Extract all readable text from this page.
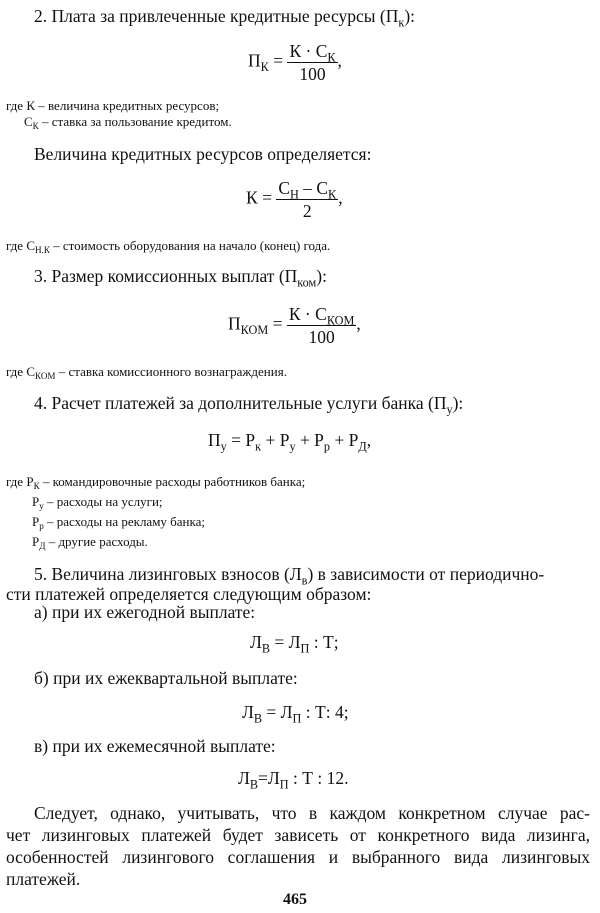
2. Плата за привлеченные кредитные ресурсы $(П_к)$:
$П_К = \frac{К \cdot С_К}{100}$ ,
где К – величина кредитных ресурсов;
$С_К$ – ставка за пользование кредитом.
Величина кредитных ресурсов определяется:
$К = \frac{С_Н - С_К}{2}$ ,
где $С_{Н.К}$ – стоимость оборудования на начало (конец) года.
3. Размер комиссионных выплат $(П_{ком})$:
$П_{КОМ} = \frac{К \cdot С_{КОМ}}{100}$ ,
где $С_{КОМ}$ – ставка комиссионного вознаграждения.
4. Расчет платежей за дополнительные услуги банка $(П_у)$:
$П_у = Р_к + Р_у + Р_р + Р_Д$,
где $Р_К$ – командировочные расходы работников банка;
$Р_у$ – расходы на услуги;
$Р_р$ – расходы на рекламу банка;
$Р_Д$ – другие расходы.
5. Величина лизинговых взносов $(Л_в)$ в зависимости от периодично-
сти платежей определяется следующим образом:
а) при их ежегодной выплате:
$Л_В = Л_П$ : Т;
б) при их ежеквартальной выплате:
$Л_В = Л_П$ : Т: 4;
в) при их ежемесячной выплате:
$Л_В=Л_П$ : Т : 12.
Следует, однако, учитывать, что в каждом конкретном случае рас-
чет лизинговых платежей будет зависеть от конкретного вида лизинга,
особенностей лизингового соглашения и выбранного вида лизинговых
платежей.
465
